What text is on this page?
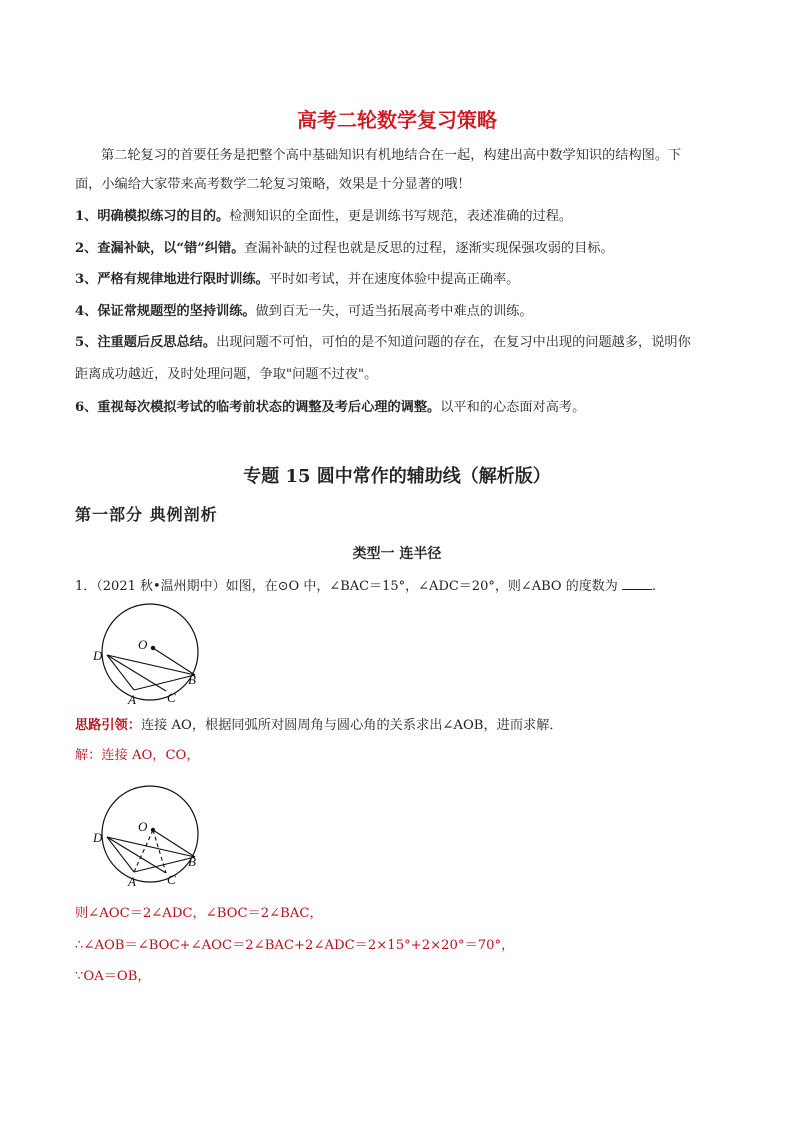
高考二轮数学复习策略
第二轮复习的首要任务是把整个高中基础知识有机地结合在一起，构建出高中数学知识的结构图。下
面，小编给大家带来高考数学二轮复习策略，效果是十分显著的哦！
1、明确模拟练习的目的。检测知识的全面性，更是训练书写规范，表述准确的过程。
2、查漏补缺，以“错”纠错。查漏补缺的过程也就是反思的过程，逐渐实现保强攻弱的目标。
3、严格有规律地进行限时训练。平时如考试，并在速度体验中提高正确率。
4、保证常规题型的坚持训练。做到百无一失，可适当拓展高考中难点的训练。
5、注重题后反思总结。出现问题不可怕，可怕的是不知道问题的存在，在复习中出现的问题越多，说明你
距离成功越近，及时处理问题，争取"问题不过夜"。
6、重视每次模拟考试的临考前状态的调整及考后心理的调整。以平和的心态面对高考。
专题 15 圆中常作的辅助线（解析版）
第一部分 典例剖析
类型一 连半径
1．（2021 秋•温州期中）如图，在⊙O 中，∠BAC＝15°，∠ADC＝20°，则∠ABO 的度数为	.
O
D
A C
B
思路引领：连接 AO，根据同弧所对圆周角与圆心角的关系求出∠AOB，进而求解．
解：连接 AO，CO，
O
D
A C
B
则∠AOC＝2∠ADC，∠BOC＝2∠BAC，
∴∠AOB＝∠BOC+∠AOC＝2∠BAC+2∠ADC＝2×15°+2×20°＝70°，
∵OA＝OB，
